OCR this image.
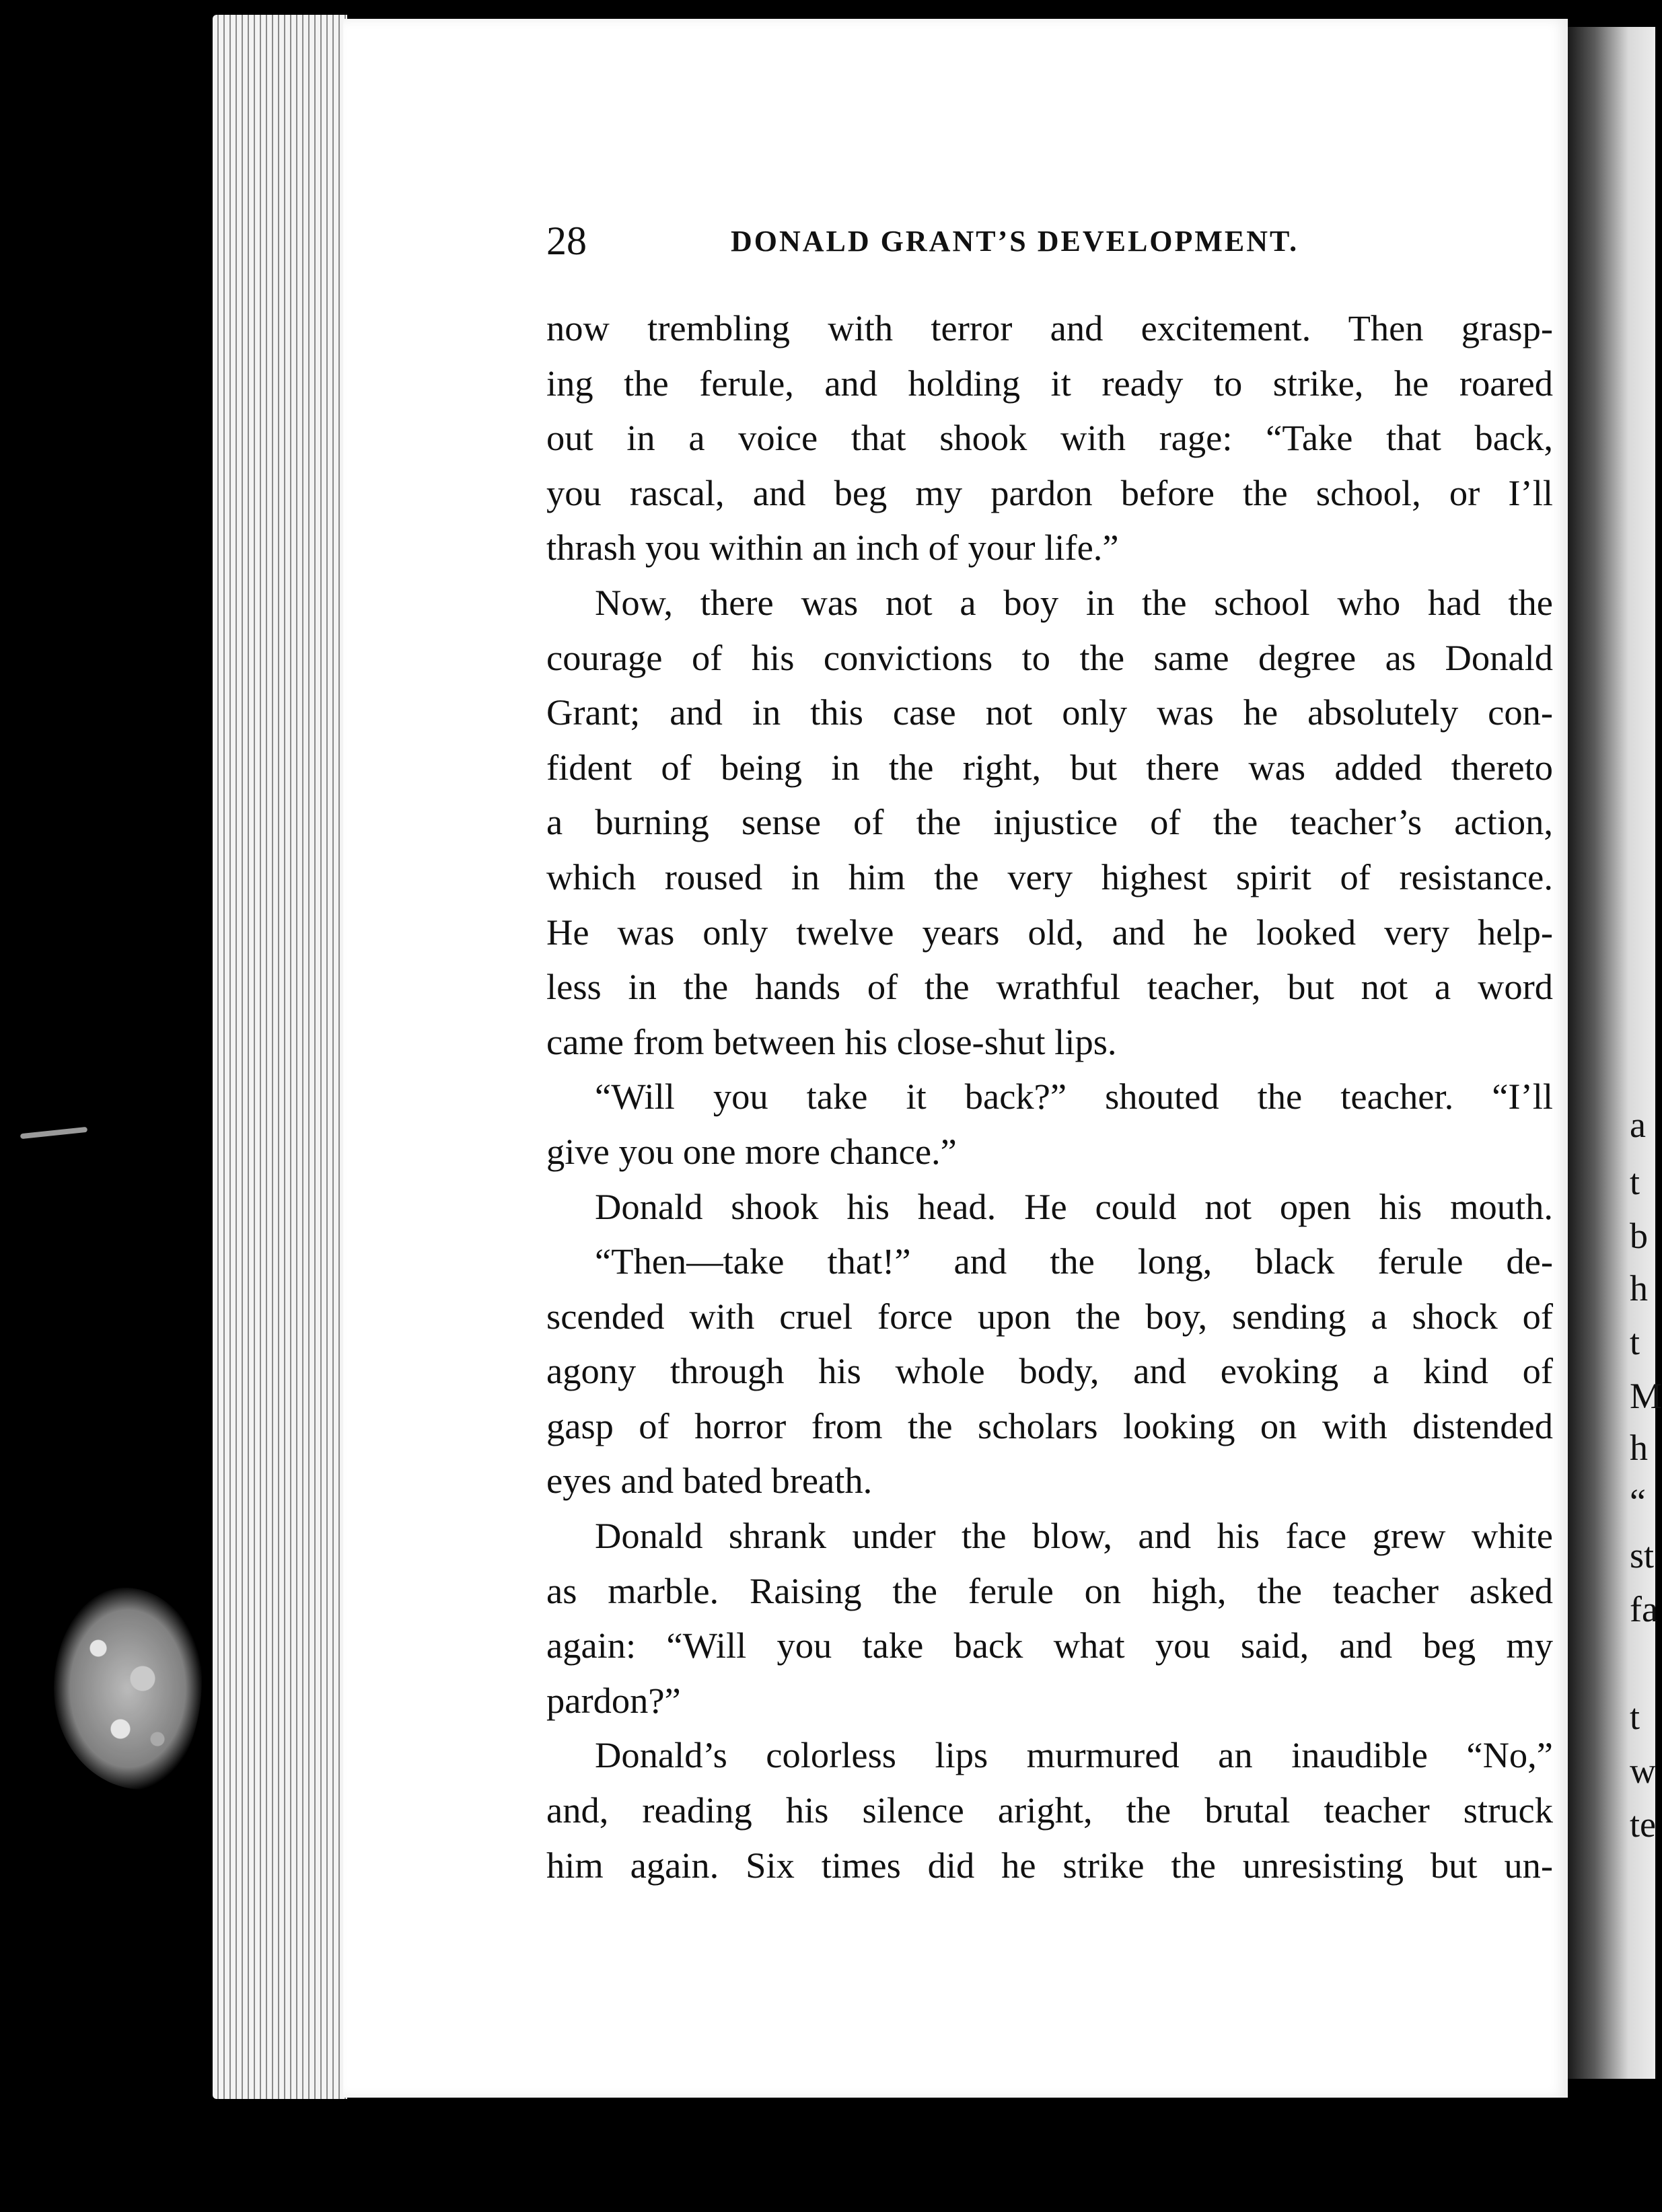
a
t
b
h
t
M
h
“
st
fa
t
w
te
28	DONALD GRANT’S DEVELOPMENT.
now trembling with terror and excitement. Then grasp-
ing the ferule, and holding it ready to strike, he roared
out in a voice that shook with rage: “Take that back,
you rascal, and beg my pardon before the school, or I’ll
thrash you within an inch of your life.”
Now, there was not a boy in the school who had the
courage of his convictions to the same degree as Donald
Grant; and in this case not only was he absolutely con-
fident of being in the right, but there was added thereto
a burning sense of the injustice of the teacher’s action,
which roused in him the very highest spirit of resistance.
He was only twelve years old, and he looked very help-
less in the hands of the wrathful teacher, but not a word
came from between his close-shut lips.
“Will you take it back?” shouted the teacher. “I’ll
give you one more chance.”
Donald shook his head. He could not open his mouth.
“Then—take that!” and the long, black ferule de-
scended with cruel force upon the boy, sending a shock of
agony through his whole body, and evoking a kind of
gasp of horror from the scholars looking on with distended
eyes and bated breath.
Donald shrank under the blow, and his face grew white
as marble. Raising the ferule on high, the teacher asked
again: “Will you take back what you said, and beg my
pardon?”
Donald’s colorless lips murmured an inaudible “No,”
and, reading his silence aright, the brutal teacher struck
him again. Six times did he strike the unresisting but un-
